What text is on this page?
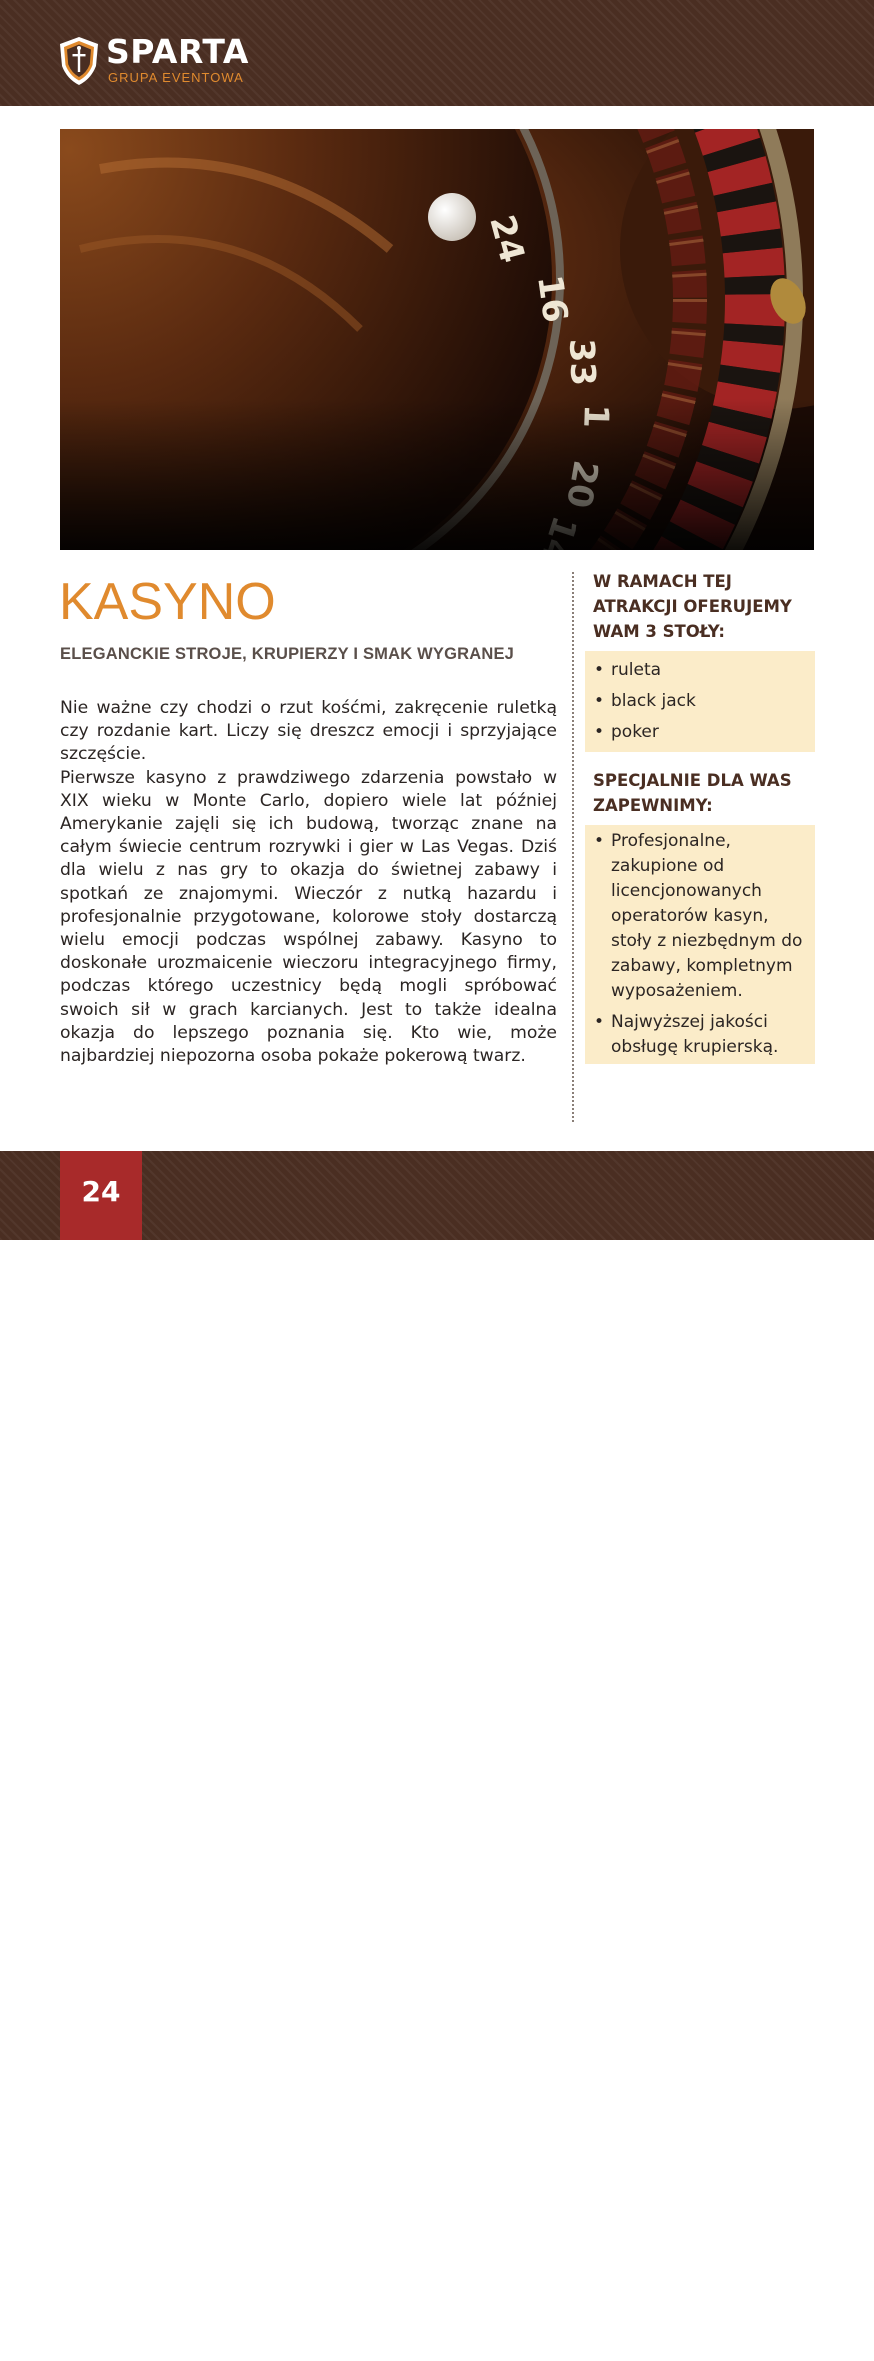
SPARTA
GRUPA EVENTOWA
24
16
33
KASYNO
ELEGANCKIE STROJE, KRUPIERZY I SMAK WYGRANEJ

Nie ważne czy chodzi o rzut kośćmi, zakręcenie ruletką czy rozdanie kart. Liczy się dreszcz emocji i sprzyjające szczęście.

Pierwsze kasyno z prawdziwego zdarzenia powstało w XIX wieku w Monte Carlo, dopiero wiele lat później Amerykanie zajęli się ich budową, tworząc znane na całym świecie centrum rozrywki i gier w Las Vegas. Dziś dla wielu z nas gry to okazja do świetnej zabawy i spotkań ze znajomymi. Wieczór z nutką hazardu i profesjonalnie przygotowane, kolorowe stoły dostarczą wielu emocji podczas wspólnej zabawy. Kasyno to doskonałe urozmaicenie wieczoru integracyjnego firmy, podczas którego uczestnicy będą mogli spróbować swoich sił w grach karcianych. Jest to także idealna okazja do lepszego poznania się. Kto wie, może najbardziej niepozorna osoba pokaże pokerową twarz.

W RAMACH TEJ ATRAKCJI OFERUJEMY WAM 3 STOŁY:
• ruleta
• black jack
• poker
SPECJALNIE DLA WAS ZAPEWNIMY:
• Profesjonalne, zakupione od licencjonowanych operatorów kasyn, stoły z niezbędnym do zabawy, kompletnym wyposażeniem.
• Najwyższej jakości obsługę krupierską.
www.sparta.org.pl
24
